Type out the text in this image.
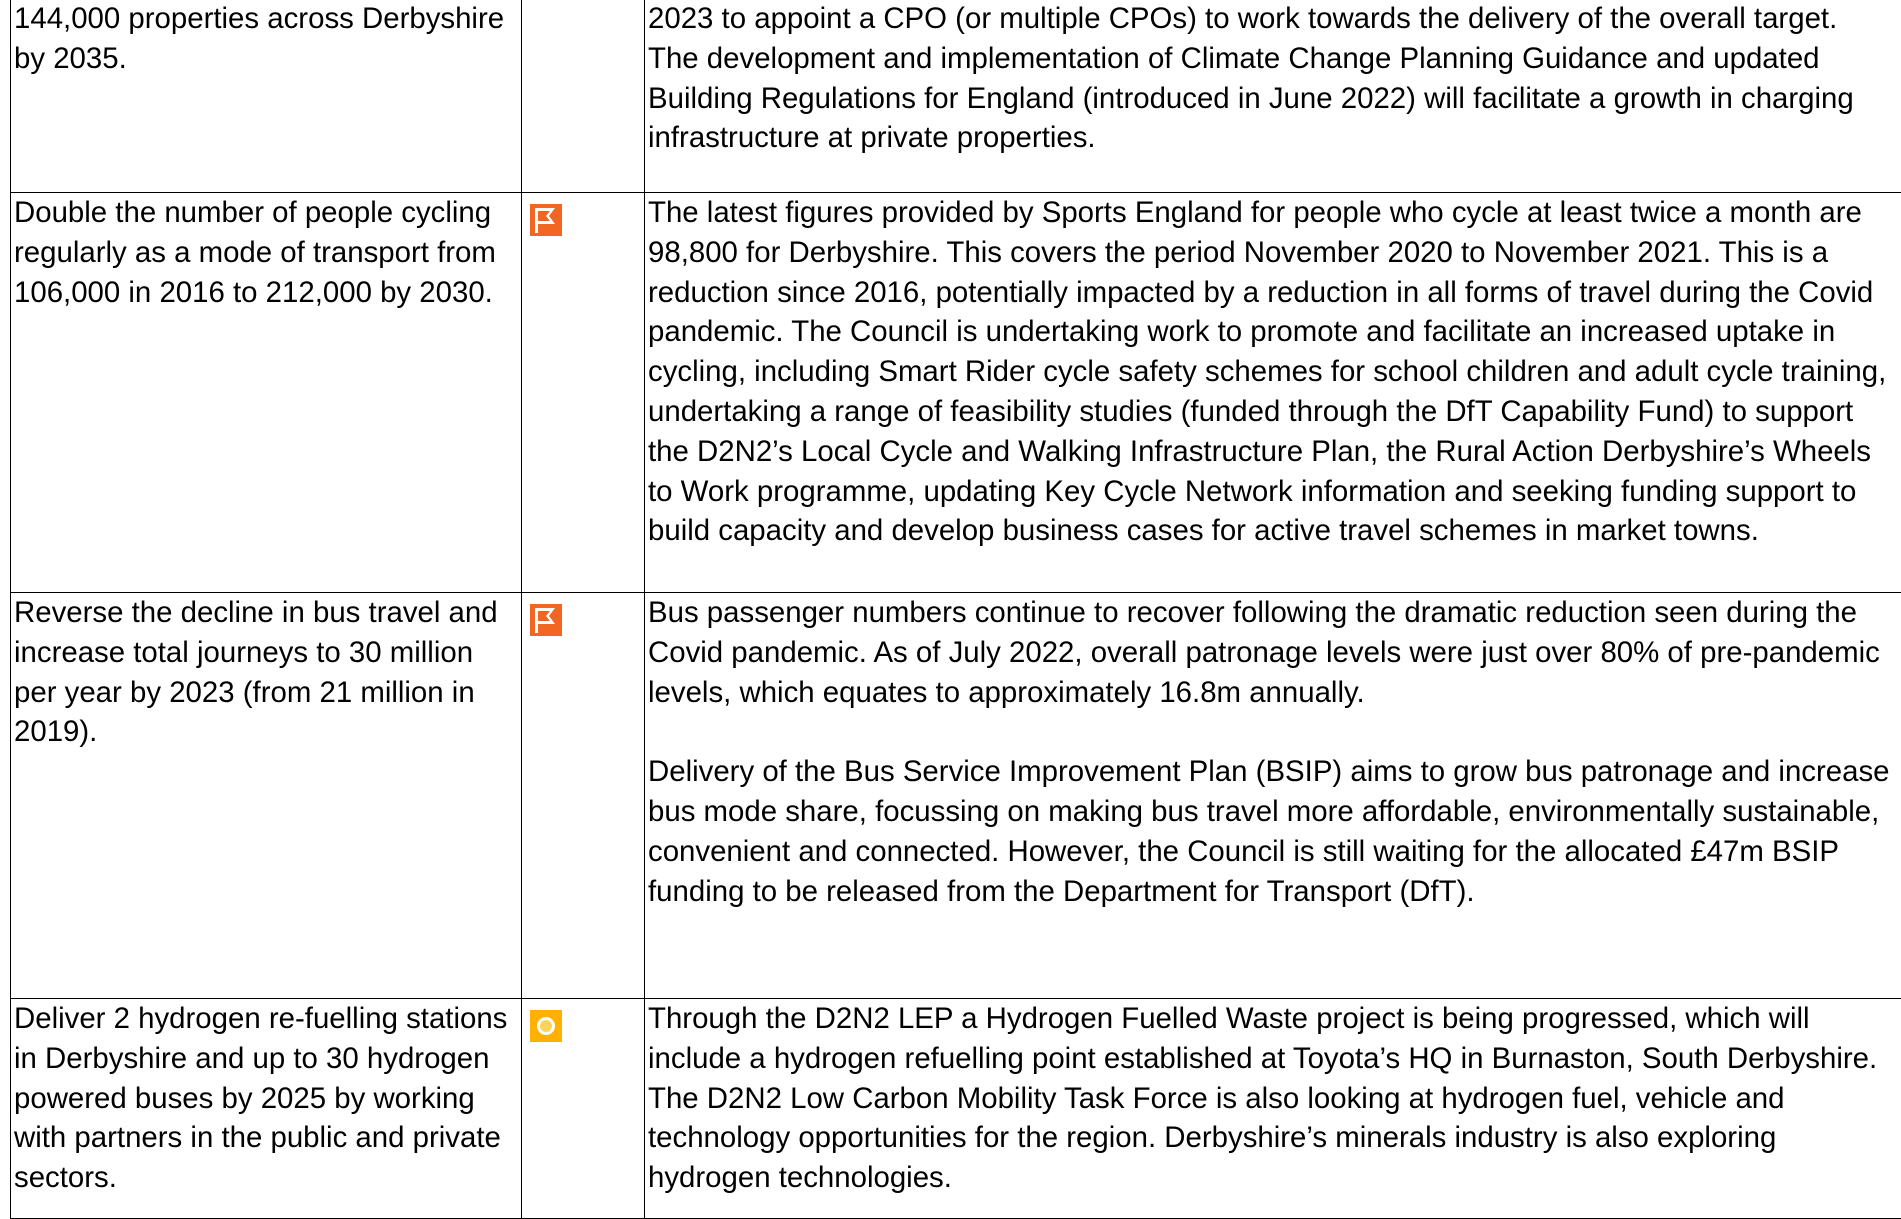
144,000 properties across Derbyshire by 2035.		2023 to appoint a CPO (or multiple CPOs) to work towards the delivery of the overall target.

The development and implementation of Climate Change Planning Guidance and updated Building Regulations for England (introduced in June 2022) will facilitate a growth in charging infrastructure at private properties.

Double the number of people cycling regularly as a mode of transport from 106,000 in 2016 to 212,000 by 2030.		The latest figures provided by Sports England for people who cycle at least twice a month are 98,800 for Derbyshire. This covers the period November 2020 to November 2021. This is a reduction since 2016, potentially impacted by a reduction in all forms of travel during the Covid pandemic. The Council is undertaking work to promote and facilitate an increased uptake in cycling, including Smart Rider cycle safety schemes for school children and adult cycle training, undertaking a range of feasibility studies (funded through the DfT Capability Fund) to support the D2N2’s Local Cycle and Walking Infrastructure Plan, the Rural Action Derbyshire’s Wheels to Work programme, updating Key Cycle Network information and seeking funding support to build capacity and develop business cases for active travel schemes in market towns.

Reverse the decline in bus travel and increase total journeys to 30 million per year by 2023 (from 21 million in 2019).		Bus passenger numbers continue to recover following the dramatic reduction seen during the Covid pandemic. As of July 2022, overall patronage levels were just over 80% of pre-pandemic levels, which equates to approximately 16.8m annually.

Delivery of the Bus Service Improvement Plan (BSIP) aims to grow bus patronage and increase bus mode share, focussing on making bus travel more affordable, environmentally sustainable, convenient and connected. However, the Council is still waiting for the allocated £47m BSIP funding to be released from the Department for Transport (DfT).

Deliver 2 hydrogen re-fuelling stations in Derbyshire and up to 30 hydrogen powered buses by 2025 by working with partners in the public and private sectors.		Through the D2N2 LEP a Hydrogen Fuelled Waste project is being progressed, which will include a hydrogen refuelling point established at Toyota’s HQ in Burnaston, South Derbyshire. The D2N2 Low Carbon Mobility Task Force is also looking at hydrogen fuel, vehicle and technology opportunities for the region. Derbyshire’s minerals industry is also exploring hydrogen technologies.
